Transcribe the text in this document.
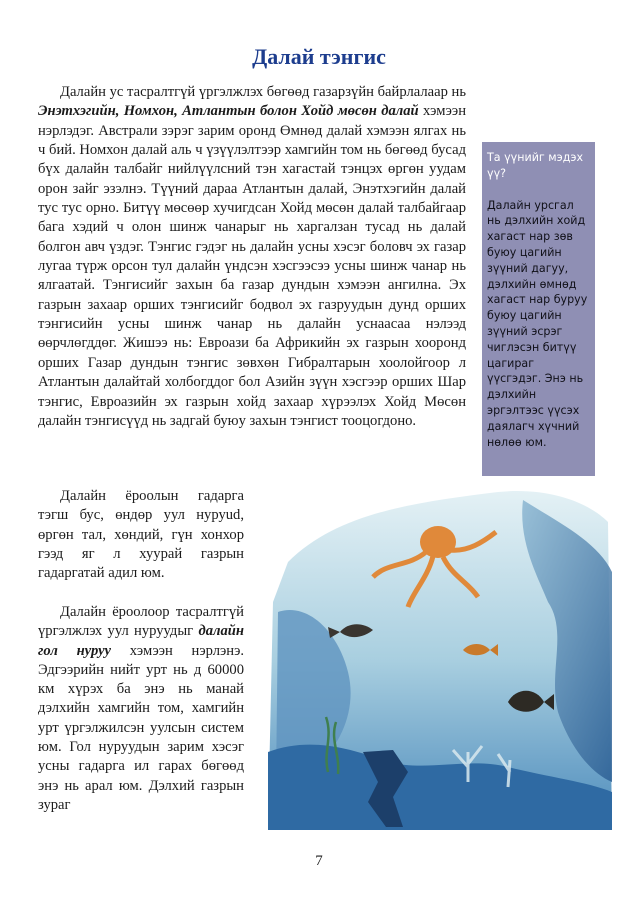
Далай тэнгис

Далайн ус тасралтгүй үргэлжлэх бөгөөд газарзүйн байрлалаар нь Энэтхэгийн, Номхон, Атлантын болон Хойд мөсөн далай хэмээн нэрлэдэг. Австрали зэрэг зарим оронд Өмнөд далай хэмээн ялгах нь ч бий. Номхон далай аль ч үзүүлэлтээр хамгийн том нь бөгөөд бусад бүх далайн талбайг нийлүүлсний тэн хагастай тэнцэх өргөн уудам орон зайг эзэлнэ. Түүний дараа Атлантын далай, Энэтхэгийн далай тус тус орно. Битүү мөсөөр хучигдсан Хойд мөсөн далай талбайгаар бага хэдий ч олон шинж чанарыг нь харгалзан тусад нь далай болгон авч үздэг. Тэнгис гэдэг нь далайн усны хэсэг боловч эх газар лугаа түрж орсон тул далайн үндсэн хэсгээсээ усны шинж чанар нь ялгаатай. Тэнгисийг захын ба газар дундын хэмээн ангилна. Эх газрын захаар орших тэнгисийг бодвол эх газруудын дунд орших тэнгисийн усны шинж чанар нь далайн уснаасаа нэлээд өөрчлөгддөг. Жишээ нь: Евроази ба Африкийн эх газрын хооронд орших Газар дундын тэнгис зөвхөн Гибралтарын хоолойгоор л Атлантын далайтай холбогддог бол Азийн зүүн хэсгээр орших Шар тэнгис, Евроазийн эх газрын хойд захаар хүрээлэх Хойд Мөсөн далайн тэнгисүүд нь задгай буюу захын тэнгист тооцогдоно.

Та үүнийг мэдэх үү?

Далайн урсгал нь дэлхийн хойд хагаст нар зөв буюу цагийн зүүний дагуу, дэлхийн өмнөд хагаст нар буруу буюу цагийн зүүний эсрэг чиглэсэн битүү цагираг үүсгэдэг. Энэ нь дэлхийн эргэлтээс үүсэх даялагч хүчний нөлөө юм.

Далайн ёроолын гадарга тэгш бус, өндөр уул нуруud, өргөн тал, хөндий, гүн хонхор гээд яг л хуурай газрын гадаргатай адил юм.

Далайн ёроолоор тасралтгүй үргэлжлэх уул нуруудыг далайн гол нуруу хэмээн нэрлэнэ. Эдгээрийн нийт урт нь д 60000 км хүрэх ба энэ нь манай дэлхийн хамгийн том, хамгийн урт үргэлжилсэн уулсын систем юм. Гол нуруудын зарим хэсэг усны гадарга ил гарах бөгөөд энэ нь арал юм. Дэлхий газрын зураг

7
